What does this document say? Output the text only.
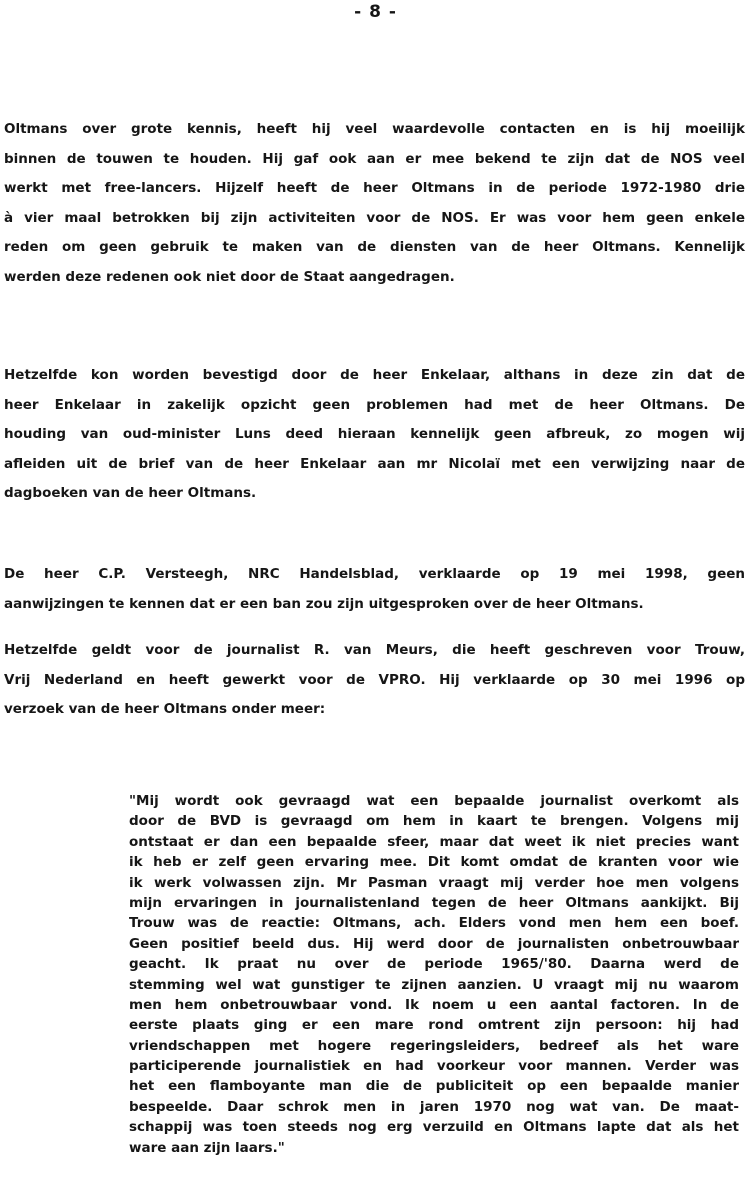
- 8 -
Oltmans over grote kennis, heeft hij veel waardevolle contacten en is hij moeilijk
binnen de touwen te houden. Hij gaf ook aan er mee bekend te zijn dat de NOS veel
werkt met free-lancers. Hijzelf heeft de heer Oltmans in de periode 1972-1980 drie
à vier maal betrokken bij zijn activiteiten voor de NOS. Er was voor hem geen enkele
reden om geen gebruik te maken van de diensten van de heer Oltmans. Kennelijk
werden deze redenen ook niet door de Staat aangedragen.
Hetzelfde kon worden bevestigd door de heer Enkelaar, althans in deze zin dat de
heer Enkelaar in zakelijk opzicht geen problemen had met de heer Oltmans. De
houding van oud-minister Luns deed hieraan kennelijk geen afbreuk, zo mogen wij
afleiden uit de brief van de heer Enkelaar aan mr Nicolaï met een verwijzing naar de
dagboeken van de heer Oltmans.
De heer C.P. Versteegh, NRC Handelsblad, verklaarde op 19 mei 1998, geen
aanwijzingen te kennen dat er een ban zou zijn uitgesproken over de heer Oltmans.
Hetzelfde geldt voor de journalist R. van Meurs, die heeft geschreven voor Trouw,
Vrij Nederland en heeft gewerkt voor de VPRO. Hij verklaarde op 30 mei 1996 op
verzoek van de heer Oltmans onder meer:
"Mij wordt ook gevraagd wat een bepaalde journalist overkomt als
door de BVD is gevraagd om hem in kaart te brengen. Volgens mij
ontstaat er dan een bepaalde sfeer, maar dat weet ik niet precies want
ik heb er zelf geen ervaring mee. Dit komt omdat de kranten voor wie
ik werk volwassen zijn. Mr Pasman vraagt mij verder hoe men volgens
mijn ervaringen in journalistenland tegen de heer Oltmans aankijkt. Bij
Trouw was de reactie: Oltmans, ach. Elders vond men hem een boef.
Geen positief beeld dus. Hij werd door de journalisten onbetrouwbaar
geacht. Ik praat nu over de periode 1965/'80. Daarna werd de
stemming wel wat gunstiger te zijnen aanzien. U vraagt mij nu waarom
men hem onbetrouwbaar vond. Ik noem u een aantal factoren. In de
eerste plaats ging er een mare rond omtrent zijn persoon: hij had
vriendschappen met hogere regeringsleiders, bedreef als het ware
participerende journalistiek en had voorkeur voor mannen. Verder was
het een flamboyante man die de publiciteit op een bepaalde manier
bespeelde. Daar schrok men in jaren 1970 nog wat van. De maat-
schappij was toen steeds nog erg verzuild en Oltmans lapte dat als het
ware aan zijn laars."
